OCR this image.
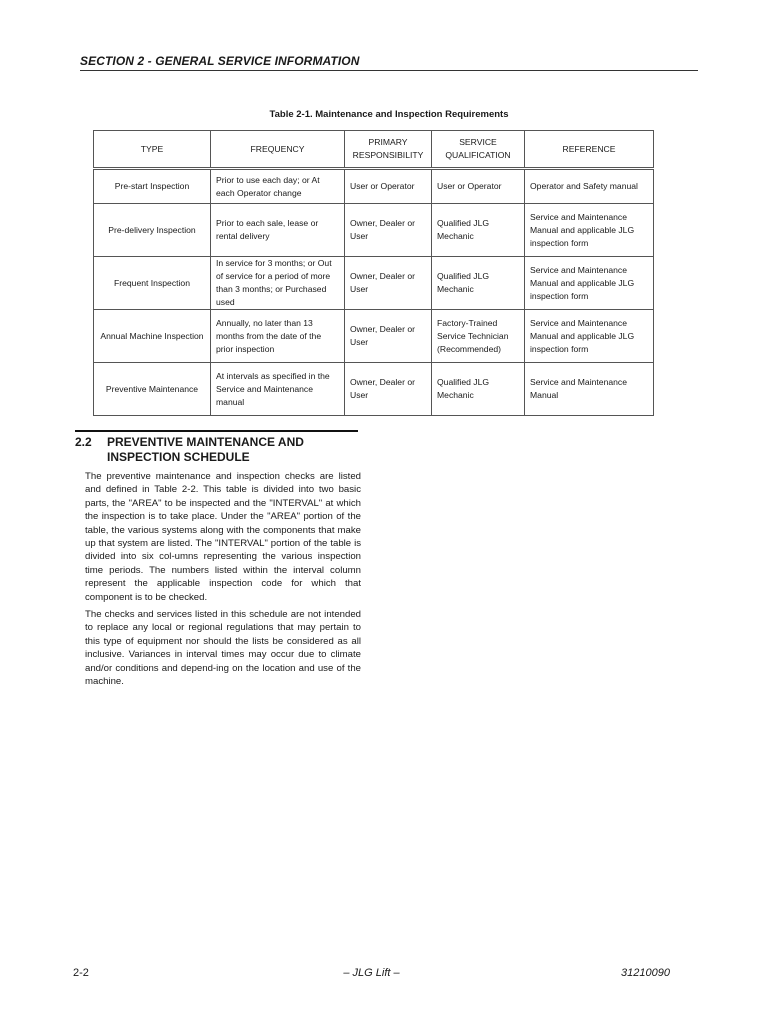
SECTION 2 - GENERAL SERVICE INFORMATION
Table 2-1. Maintenance and Inspection Requirements
TYPE	FREQUENCY	PRIMARY RESPONSIBILITY	SERVICE QUALIFICATION	REFERENCE
Pre-start Inspection	Prior to use each day; or At each Operator change	User or Operator	User or Operator	Operator and Safety manual
Pre-delivery Inspection	Prior to each sale, lease or rental delivery	Owner, Dealer or User	Qualified JLG Mechanic	Service and Maintenance Manual and applicable JLG inspection form
Frequent Inspection	In service for 3 months; or Out of service for a period of more than 3 months; or Purchased used	Owner, Dealer or User	Qualified JLG Mechanic	Service and Maintenance Manual and applicable JLG inspection form
Annual Machine Inspection	Annually, no later than 13 months from the date of the prior inspection	Owner, Dealer or User	Factory-Trained Service Technician (Recommended)	Service and Maintenance Manual and applicable JLG inspection form
Preventive Maintenance	At intervals as specified in the Service and Maintenance manual	Owner, Dealer or User	Qualified JLG Mechanic	Service and Maintenance Manual
2.2	PREVENTIVE MAINTENANCE AND INSPECTION SCHEDULE

The preventive maintenance and inspection checks are listed and defined in Table 2-2. This table is divided into two basic parts, the "AREA" to be inspected and the "INTERVAL" at which the inspection is to take place. Under the "AREA" portion of the table, the various systems along with the components that make up that system are listed. The "INTERVAL" portion of the table is divided into six col-umns representing the various inspection time periods. The numbers listed within the interval column represent the applicable inspection code for which that component is to be checked.

The checks and services listed in this schedule are not intended to replace any local or regional regulations that may pertain to this type of equipment nor should the lists be considered as all inclusive. Variances in interval times may occur due to climate and/or conditions and depend-ing on the location and use of the machine.

2-2	– JLG Lift –	31210090
